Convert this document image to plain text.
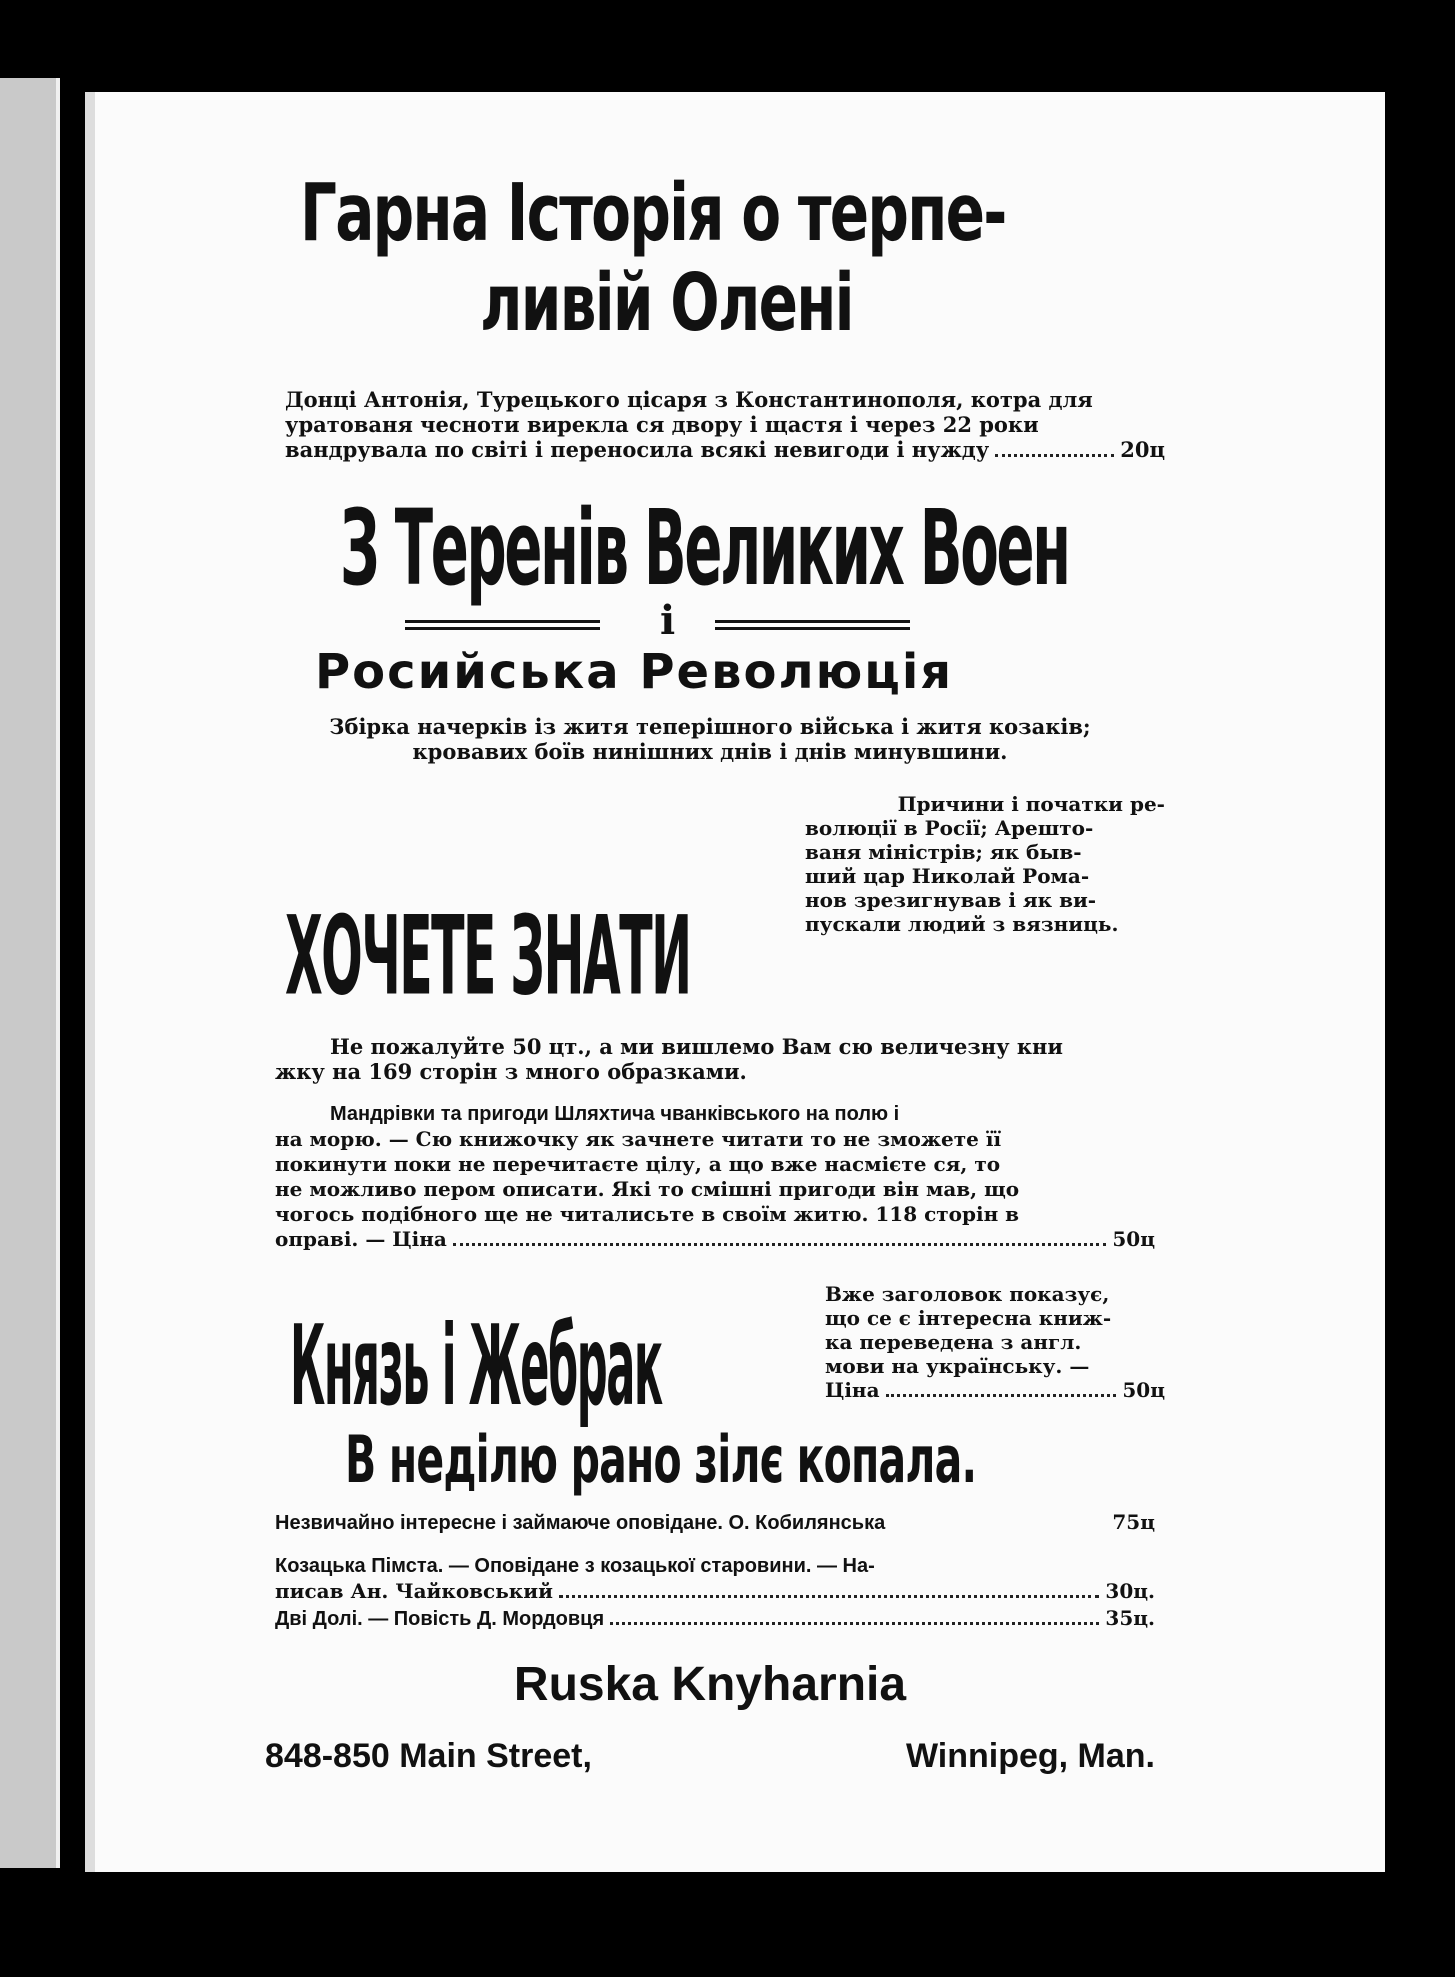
Гарна Історія о терпе-
ливій Олені
Донці Антонія, Турецького цісаря з Константинополя, котра для
уратованя чесноти вирекла ся двору і щастя і через 22 роки
вандрувала по світі і переносила всякі невигоди і нужду	20ц
З Теренів Великих Воен
і
Росийська Революція
Збірка начерків із житя теперішного війська і житя козаків;
кровавих боїв нинішних днів і днів минувшини.
ХОЧЕТЕ ЗНАТИ
Причини і початки ре-
волюції в Росії; Арешто-
ваня міністрів; як быв-
ший цар Николай Рома-
нов зрезигнував і як ви-
пускали людий з вязниць.
Не пожалуйте 50 цт., а ми вишлемо Вам сю величезну кни
жку на 169 сторін з много образками.
Мандрівки та пригоди Шляхтича чванківського на полю і
на морю. — Сю книжочку як зачнете читати то не зможете її
покинути поки не перечитаєте цілу, а що вже насмієте ся, то
не можливо пером описати. Які то смішні пригоди він мав, що
чогось подібного ще не читалисьте в своїм житю. 118 сторін в
оправі. — Ціна	50ц
Князь і Жебрак
Вже заголовок показує,
що се є інтересна книж-
ка переведена з англ.
мови на українську. —
Ціна	50ц
В неділю рано зілє копала.
Незвичайно інтересне і займаюче оповідане. О. Кобилянська	75ц
Козацька Пімста. — Оповідане з козацької старовини. — На-
писав Ан. Чайковський	30ц.
Дві Долі. — Повість Д. Мордовця	35ц.
Ruska Knyharnia
848-850 Main Street,	Winnipeg, Man.
